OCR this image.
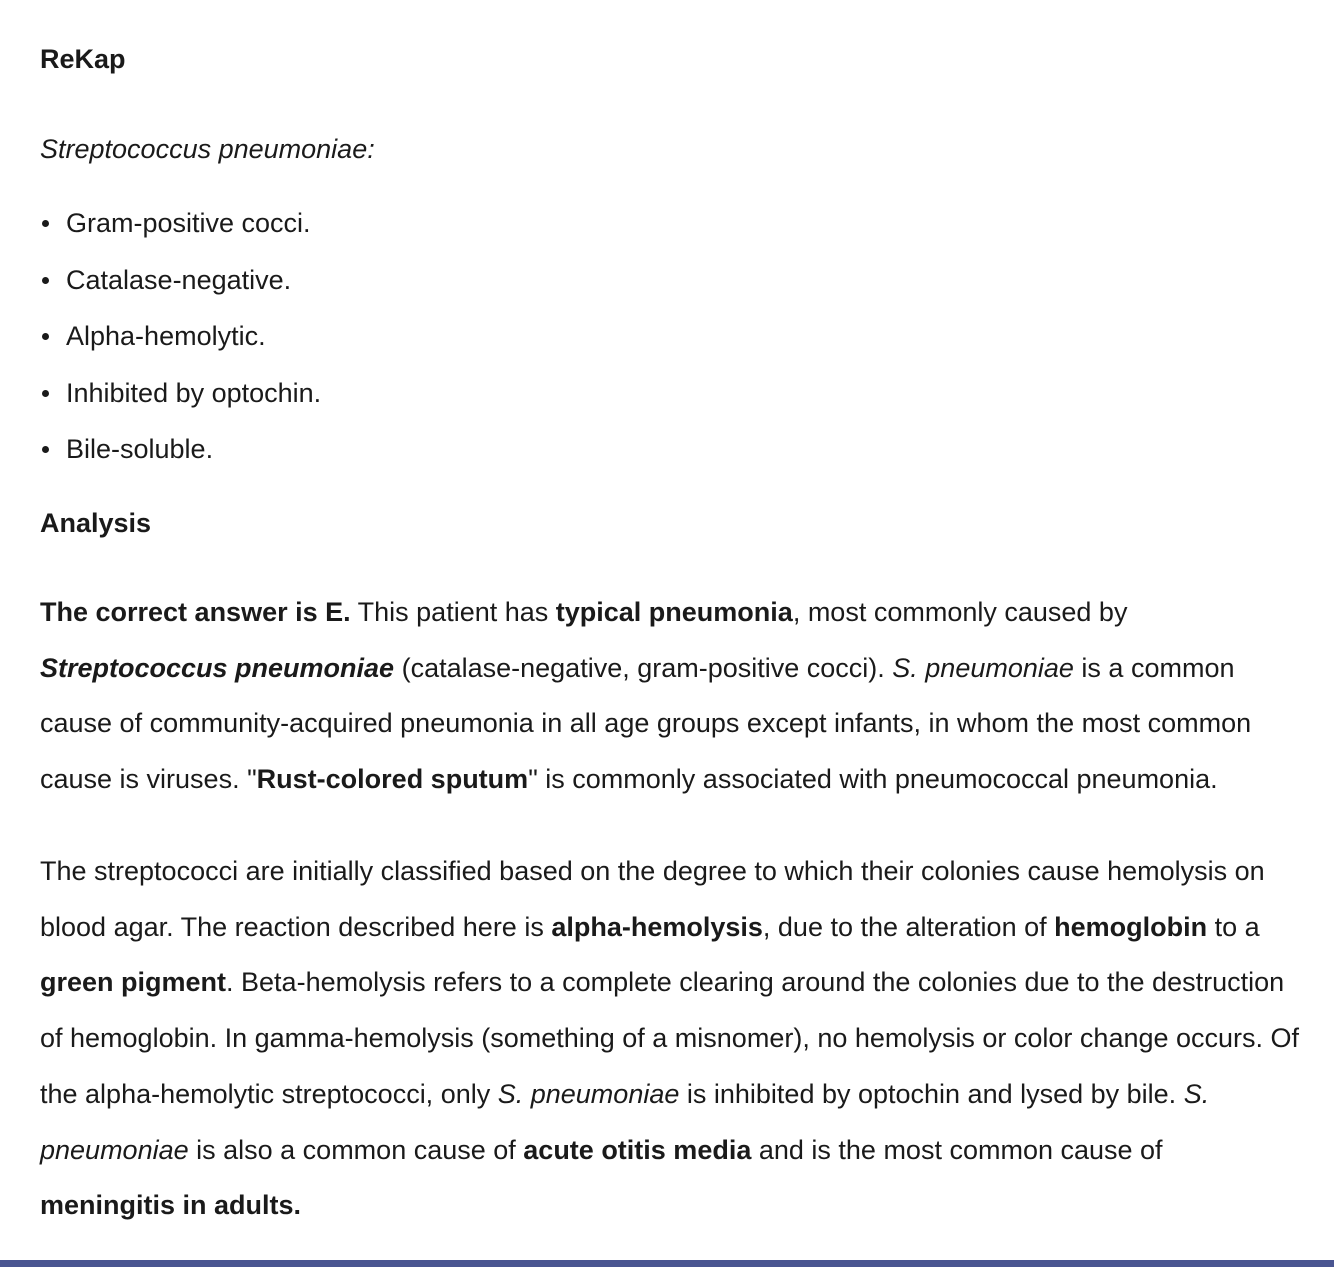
ReKap

Streptococcus pneumoniae:

Gram-positive cocci.
Catalase-negative.
Alpha-hemolytic.
Inhibited by optochin.
Bile-soluble.
Analysis

The correct answer is E. This patient has typical pneumonia, most commonly caused by Streptococcus pneumoniae (catalase-negative, gram-positive cocci). S. pneumoniae is a common cause of community-acquired pneumonia in all age groups except infants, in whom the most common cause is viruses. "Rust-colored sputum" is commonly associated with pneumococcal pneumonia.

The streptococci are initially classified based on the degree to which their colonies cause hemolysis on blood agar. The reaction described here is alpha-hemolysis, due to the alteration of hemoglobin to a green pigment. Beta-hemolysis refers to a complete clearing around the colonies due to the destruction of hemoglobin. In gamma-hemolysis (something of a misnomer), no hemolysis or color change occurs. Of the alpha-hemolytic streptococci, only S. pneumoniae is inhibited by optochin and lysed by bile. S. pneumoniae is also a common cause of acute otitis media and is the most common cause of meningitis in adults.
